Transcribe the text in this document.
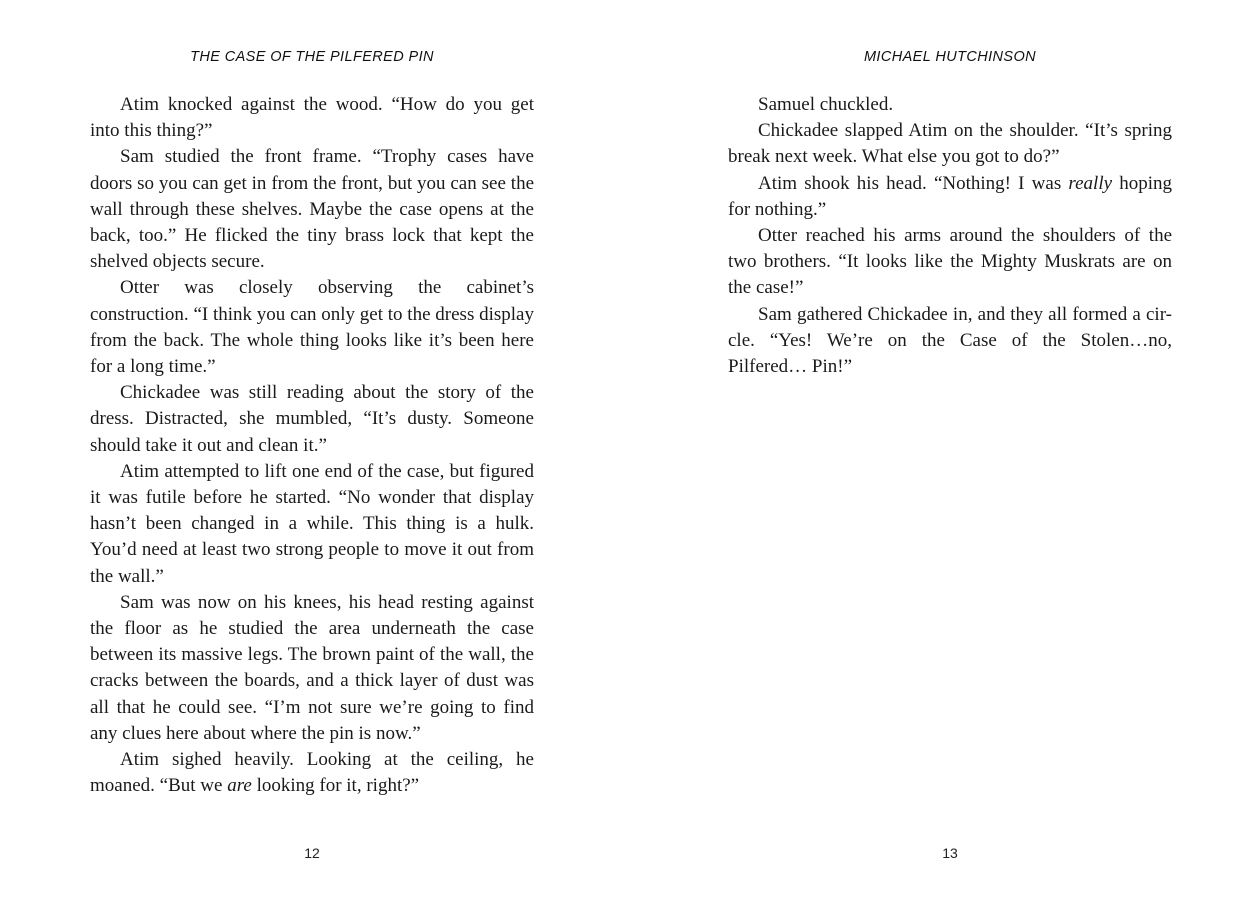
THE CASE OF THE PILFERED PIN

Atim knocked against the wood. “How do you get into this thing?”

Sam studied the front frame. “Trophy cases have doors so you can get in from the front, but you can see the wall through these shelves. Maybe the case opens at the back, too.” He flicked the tiny brass lock that kept the shelved objects secure.

Otter was closely observing the cabinet’s construction. “I think you can only get to the dress display from the back. The whole thing looks like it’s been here for a long time.”

Chickadee was still reading about the story of the dress. Distracted, she mumbled, “It’s dusty. Someone should take it out and clean it.”

Atim attempted to lift one end of the case, but figured it was futile before he started. “No wonder that display hasn’t been changed in a while. This thing is a hulk. You’d need at least two strong people to move it out from the wall.”

Sam was now on his knees, his head resting against the floor as he studied the area underneath the case between its massive legs. The brown paint of the wall, the cracks between the boards, and a thick layer of dust was all that he could see. “I’m not sure we’re going to find any clues here about where the pin is now.”

Atim sighed heavily. Looking at the ceiling, he moaned. “But we are looking for it, right?”

12
MICHAEL HUTCHINSON

Samuel chuckled.

Chickadee slapped Atim on the shoulder. “It’s spring break next week. What else you got to do?”

Atim shook his head. “Nothing! I was really hoping for nothing.”

Otter reached his arms around the shoulders of the two brothers. “It looks like the Mighty Muskrats are on the case!”

Sam gathered Chickadee in, and they all formed a cir-cle. “Yes! We’re on the Case of the Stolen…no, Pilfered… Pin!”

13
